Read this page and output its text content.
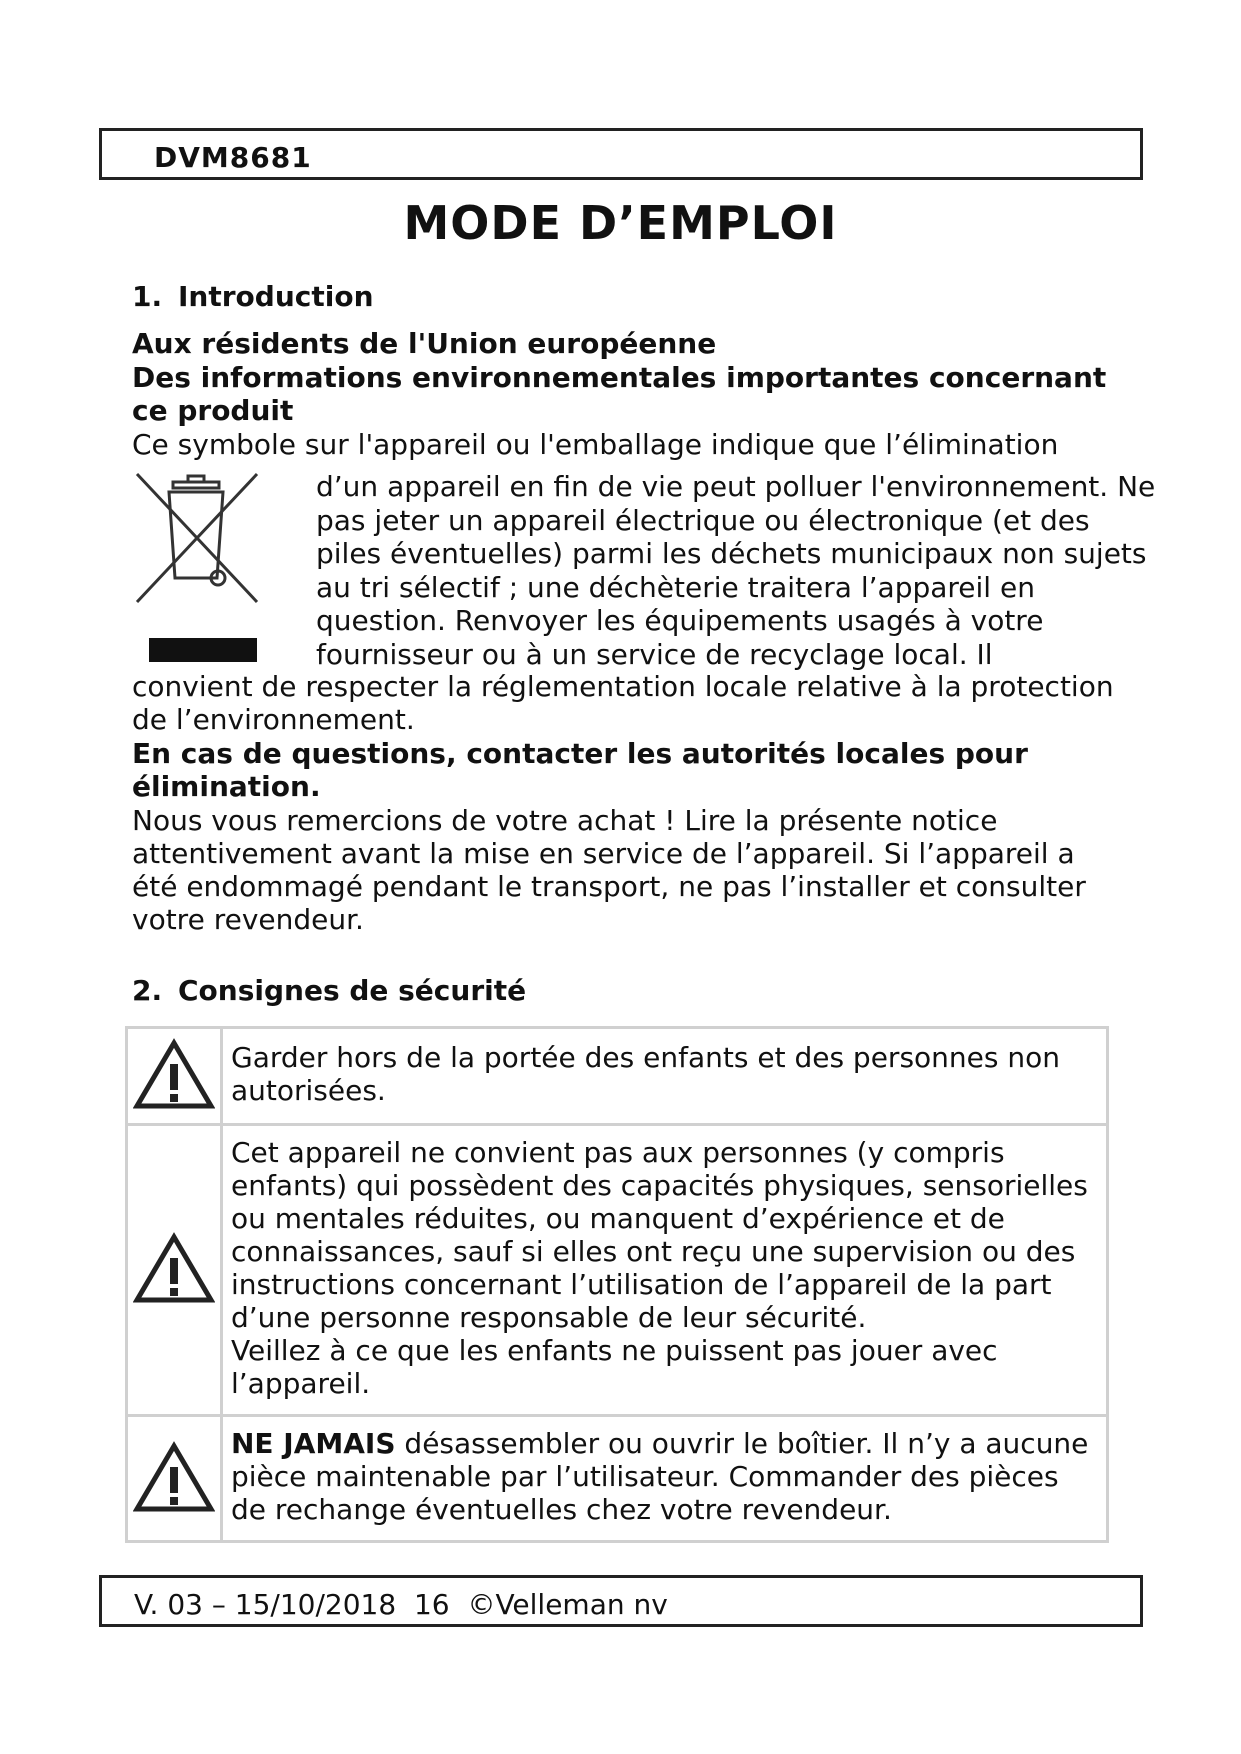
DVM8681
MODE D’EMPLOI
1. Introduction
Aux résidents de l'Union européenne
Des informations environnementales importantes concernant ce produit
Ce symbole sur l'appareil ou l'emballage indique que l’élimination
d’un appareil en fin de vie peut polluer l'environnement. Ne pas jeter un appareil électrique ou électronique (et des piles éventuelles) parmi les déchets municipaux non sujets au tri sélectif ; une déchèterie traitera l’appareil en question. Renvoyer les équipements usagés à votre fournisseur ou à un service de recyclage local. Il
convient de respecter la réglementation locale relative à la protection de l’environnement.
En cas de questions, contacter les autorités locales pour élimination.
Nous vous remercions de votre achat ! Lire la présente notice attentivement avant la mise en service de l’appareil. Si l’appareil a été endommagé pendant le transport, ne pas l’installer et consulter votre revendeur.
2. Consignes de sécurité
	Garder hors de la portée des enfants et des personnes non autorisées.

Cet appareil ne convient pas aux personnes (y compris enfants) qui possèdent des capacités physiques, sensorielles ou mentales réduites, ou manquent d’expérience et de connaissances, sauf si elles ont reçu une supervision ou des instructions concernant l’utilisation de l’appareil de la part d’une personne responsable de leur sécurité.
Veillez à ce que les enfants ne puissent pas jouer avec l’appareil.

	NE JAMAIS désassembler ou ouvrir le boîtier. Il n’y a aucune pièce maintenable par l’utilisateur. Commander des pièces de rechange éventuelles chez votre revendeur.
V. 03 – 15/10/2018 16 ©Velleman nv
